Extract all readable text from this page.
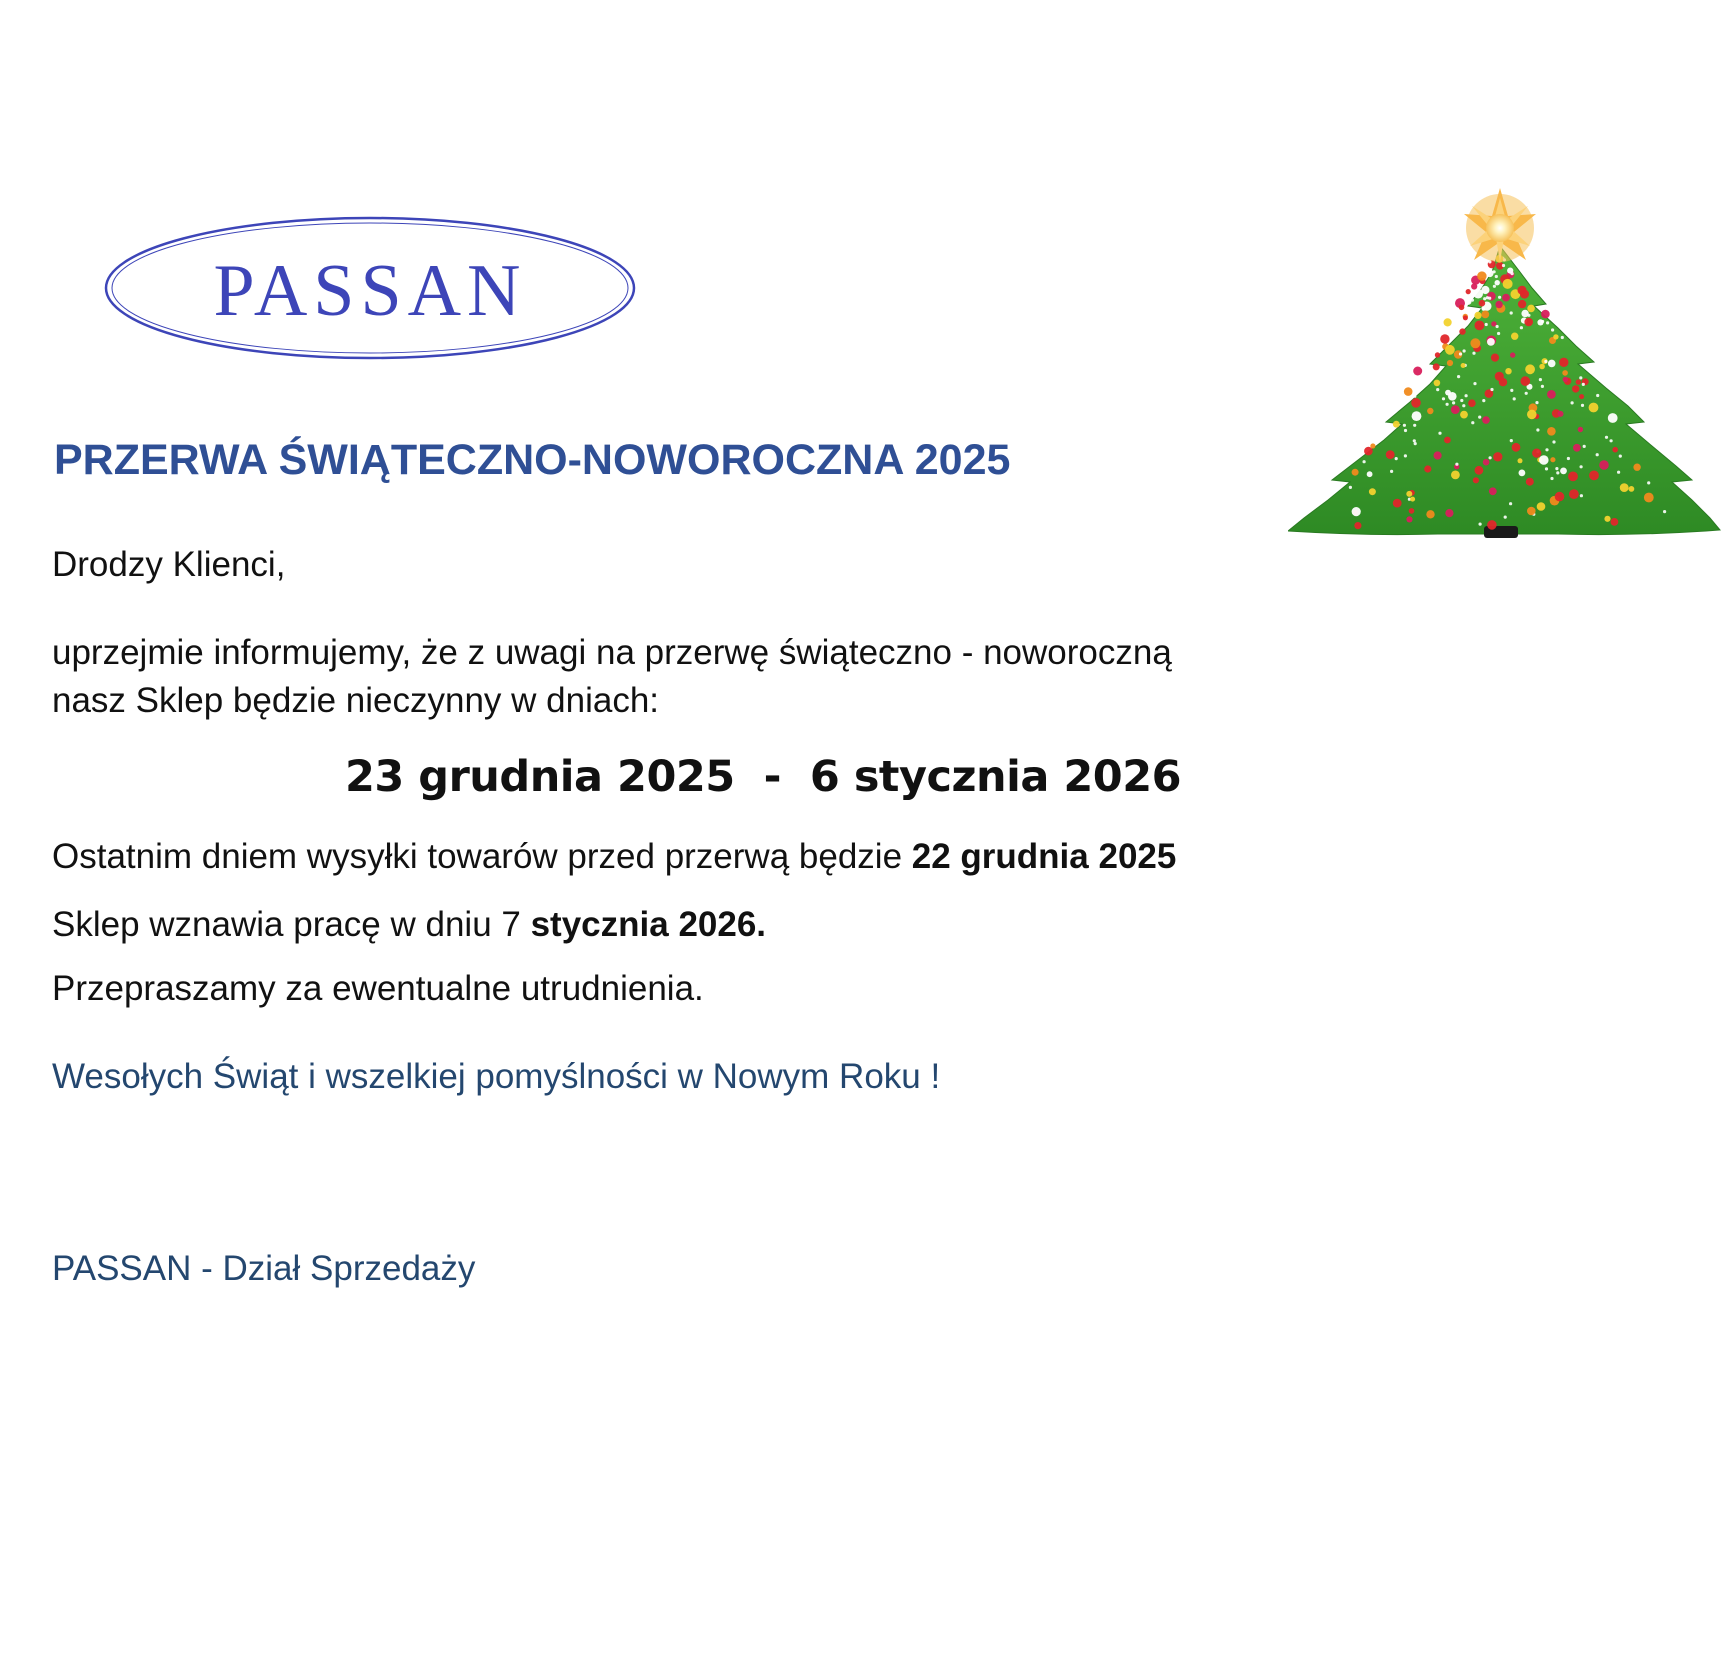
PASSAN
PRZERWA ŚWIĄTECZNO-NOWOROCZNA 2025
Drodzy Klienci,
uprzejmie informujemy, że z uwagi na przerwę świąteczno - noworoczną
nasz Sklep będzie nieczynny w dniach:
23 grudnia 2025  -  6 stycznia 2026
Ostatnim dniem wysyłki towarów przed przerwą będzie 22 grudnia 2025
Sklep wznawia pracę w dniu 7 stycznia 2026.
Przepraszamy za ewentualne utrudnienia.
Wesołych Świąt i wszelkiej pomyślności w Nowym Roku !
PASSAN - Dział Sprzedaży
